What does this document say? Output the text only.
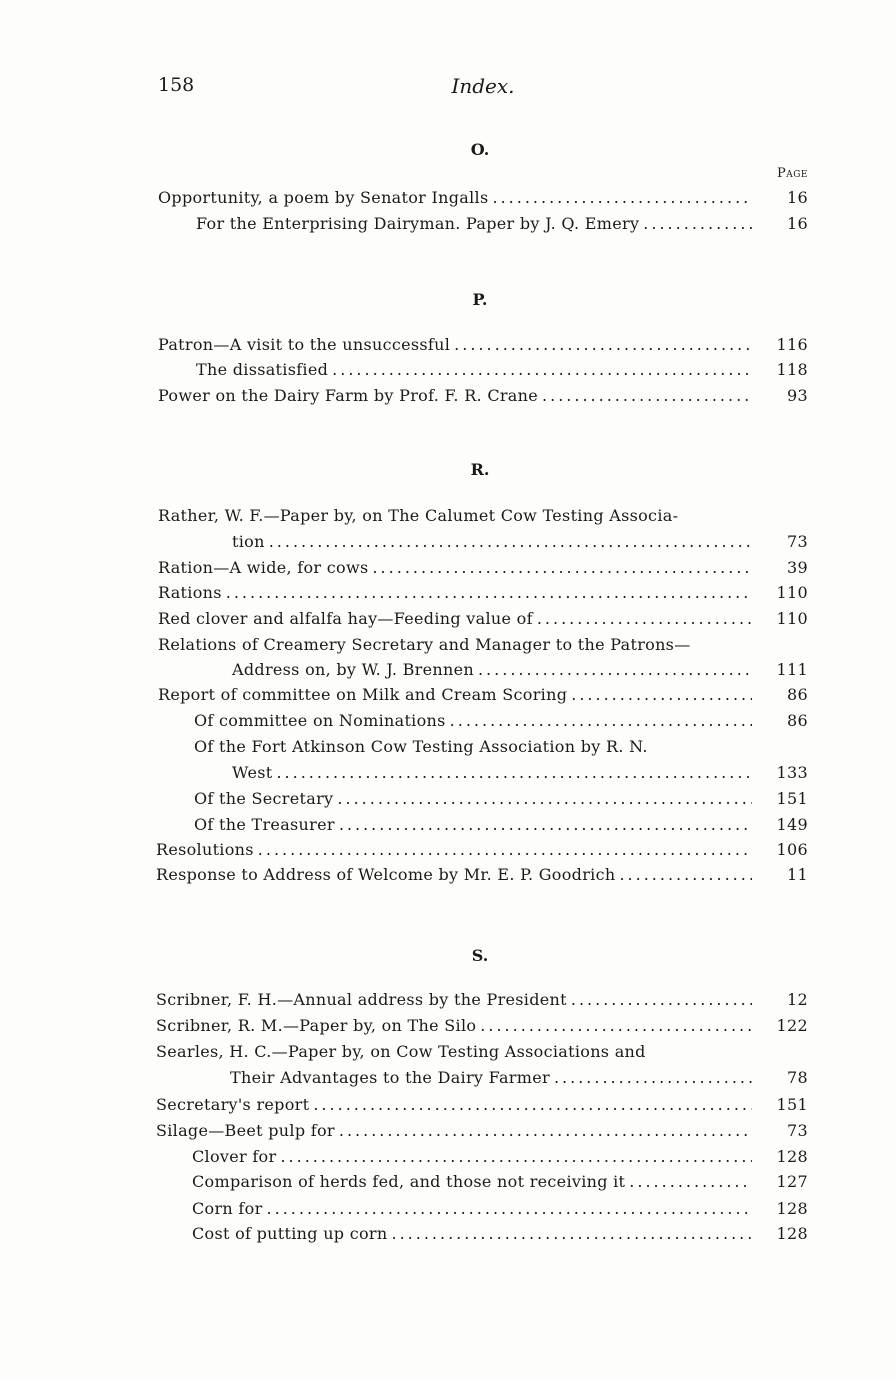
158	Index.
O.
Page
Opportunity, a poem by Senator Ingalls .....	16
For the Enterprising Dairyman. Paper by J. Q. Emery .....	16
P.
Patron—A visit to the unsuccessful .....	116
The dissatisfied .....	118
Power on the Dairy Farm by Prof. F. R. Crane .....	93
R.
Rather, W. F.—Paper by, on The Calumet Cow Testing Associa-
tion .....	73
Ration—A wide, for cows .....	39
Rations .....	110
Red clover and alfalfa hay—Feeding value of .....	110
Relations of Creamery Secretary and Manager to the Patrons—
Address on, by W. J. Brennen .....	111
Report of committee on Milk and Cream Scoring .....	86
Of committee on Nominations .....	86
Of the Fort Atkinson Cow Testing Association by R. N.
West .....	133
Of the Secretary .....	151
Of the Treasurer .....	149
Resolutions .....	106
Response to Address of Welcome by Mr. E. P. Goodrich .....	11
S.
Scribner, F. H.—Annual address by the President .....	12
Scribner, R. M.—Paper by, on The Silo .....	122
Searles, H. C.—Paper by, on Cow Testing Associations and
Their Advantages to the Dairy Farmer .....	78
Secretary's report .....	151
Silage—Beet pulp for .....	73
Clover for .....	128
Comparison of herds fed, and those not receiving it .....	127
Corn for .....	128
Cost of putting up corn .....	128
